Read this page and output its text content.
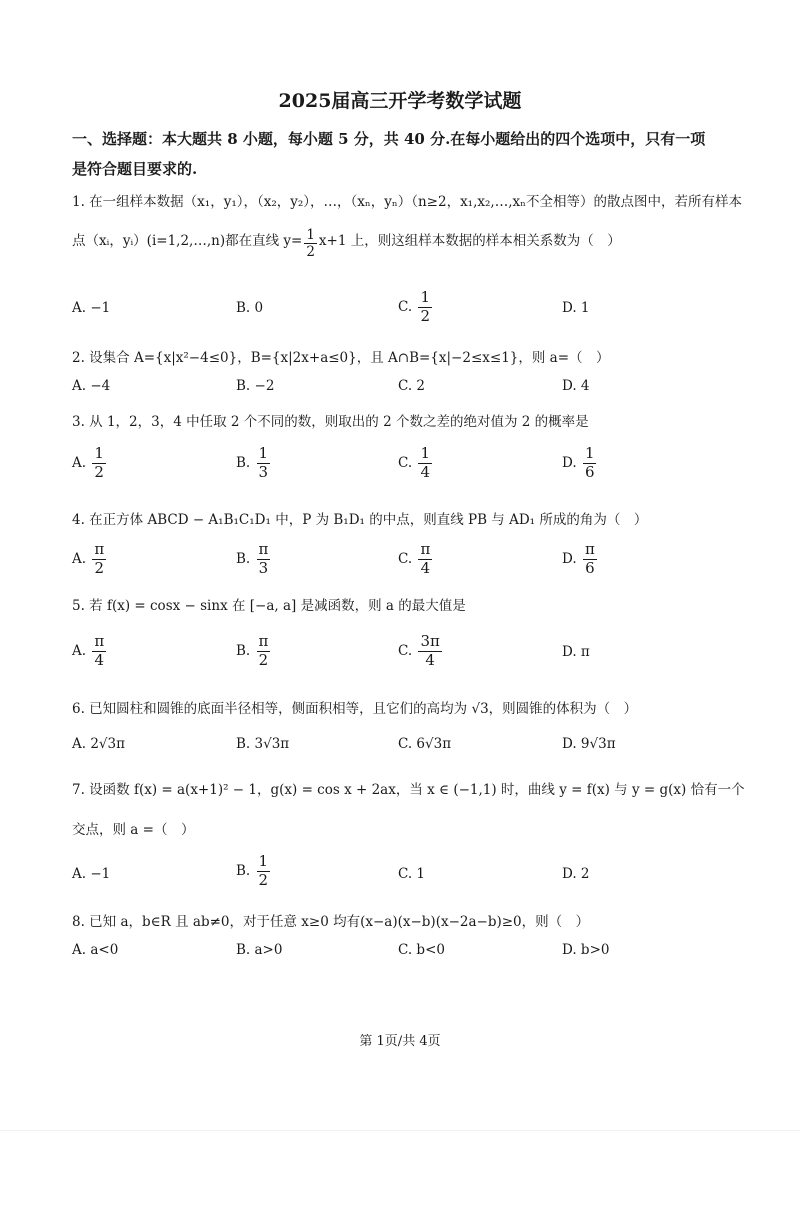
2025届高三开学考数学试题
一、选择题：本大题共 8 小题，每小题 5 分，共 40 分.在每小题给出的四个选项中，只有一项
是符合题目要求的.
1. 在一组样本数据（x₁，y₁），（x₂，y₂），…，（xₙ，yₙ）（n≥2，x₁,x₂,…,xₙ不全相等）的散点图中，若所有样本
点（xᵢ，yᵢ）(i=1,2,…,n)都在直线 $y= \frac{1}{2} x+1$ 上，则这组样本数据的样本相关系数为（　）
A. −1	B. 0	C. $\frac{1}{2}$	D. 1
2. 设集合 A={x|x²−4≤0}，B={x|2x+a≤0}，且 A∩B={x|−2≤x≤1}，则 a=（　）
A. −4	B. −2	C. 2	D. 4
3. 从 1，2，3，4 中任取 2 个不同的数，则取出的 2 个数之差的绝对值为 2 的概率是
A. $\frac{1}{2}$	B. $\frac{1}{3}$	C. $\frac{1}{4}$	D. $\frac{1}{6}$
4. 在正方体 ABCD − A₁B₁C₁D₁ 中，P 为 B₁D₁ 的中点，则直线 PB 与 AD₁ 所成的角为（　）
A. $\frac{\pi}{2}$	B. $\frac{\pi}{3}$	C. $\frac{\pi}{4}$	D. $\frac{\pi}{6}$
5. 若 f(x) = cosx − sinx 在 [−a, a] 是减函数，则 a 的最大值是
A. $\frac{\pi}{4}$	B. $\frac{\pi}{2}$	C. $\frac{3\pi}{4}$	D. π
6. 已知圆柱和圆锥的底面半径相等，侧面积相等，且它们的高均为 √3，则圆锥的体积为（　）
A. 2√3π	B. 3√3π	C. 6√3π	D. 9√3π
7. 设函数 f(x) = a(x+1)² − 1，g(x) = cos x + 2ax，当 x ∈ (−1,1) 时，曲线 y = f(x) 与 y = g(x) 恰有一个
交点，则 a =（　）
A. −1	B. $\frac{1}{2}$	C. 1	D. 2
8. 已知 a，b∈R 且 ab≠0，对于任意 x≥0 均有(x−a)(x−b)(x−2a−b)≥0，则（　）
A. a<0	B. a>0	C. b<0	D. b>0
第 1页/共 4页
